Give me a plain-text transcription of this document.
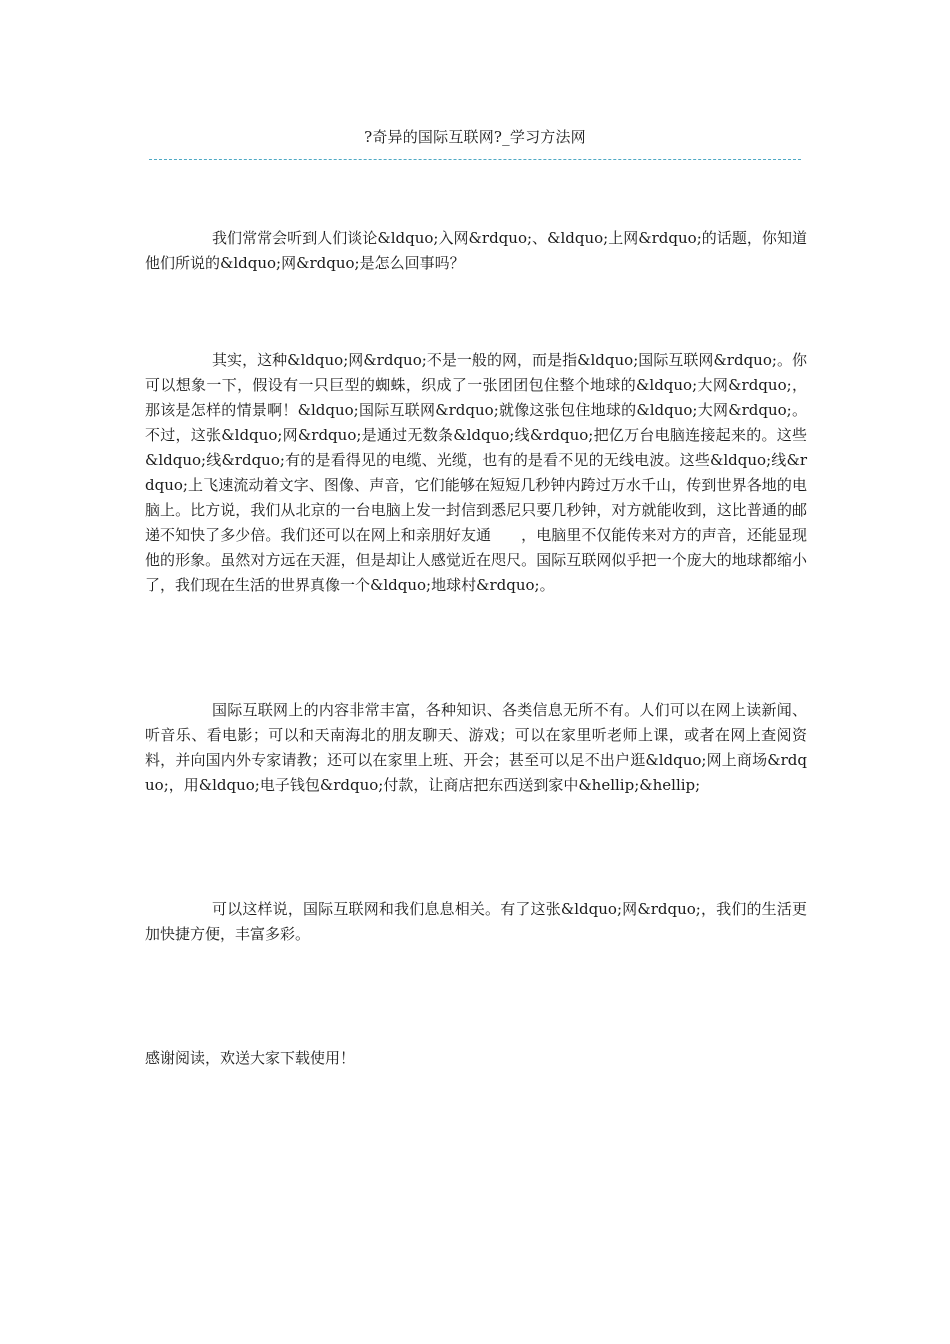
?奇异的国际互联网?_学习方法网

我们常常会听到人们谈论&ldquo;入网&rdquo;、&ldquo;上网&rdquo;的话题，你知道他们所说的&ldquo;网&rdquo;是怎么回事吗？

其实，这种&ldquo;网&rdquo;不是一般的网，而是指&ldquo;国际互联网&rdquo;。你可以想象一下，假设有一只巨型的蜘蛛，织成了一张团团包住整个地球的&ldquo;大网&rdquo;，那该是怎样的情景啊！&ldquo;国际互联网&rdquo;就像这张包住地球的&ldquo;大网&rdquo;。不过，这张&ldquo;网&rdquo;是通过无数条&ldquo;线&rdquo;把亿万台电脑连接起来的。这些&ldquo;线&rdquo;有的是看得见的电缆、光缆，也有的是看不见的无线电波。这些&ldquo;线&rdquo;上飞速流动着文字、图像、声音，它们能够在短短几秒钟内跨过万水千山，传到世界各地的电脑上。比方说，我们从北京的一台电脑上发一封信到悉尼只要几秒钟，对方就能收到，这比普通的邮递不知快了多少倍。我们还可以在网上和亲朋好友通　　，电脑里不仅能传来对方的声音，还能显现他的形象。虽然对方远在天涯，但是却让人感觉近在咫尺。国际互联网似乎把一个庞大的地球都缩小了，我们现在生活的世界真像一个&ldquo;地球村&rdquo;。

国际互联网上的内容非常丰富，各种知识、各类信息无所不有。人们可以在网上读新闻、听音乐、看电影；可以和天南海北的朋友聊天、游戏；可以在家里听老师上课，或者在网上查阅资料，并向国内外专家请教；还可以在家里上班、开会；甚至可以足不出户逛&ldquo;网上商场&rdquo;，用&ldquo;电子钱包&rdquo;付款，让商店把东西送到家中&hellip;&hellip;

可以这样说，国际互联网和我们息息相关。有了这张&ldquo;网&rdquo;，我们的生活更加快捷方便，丰富多彩。

感谢阅读，欢送大家下载使用！
